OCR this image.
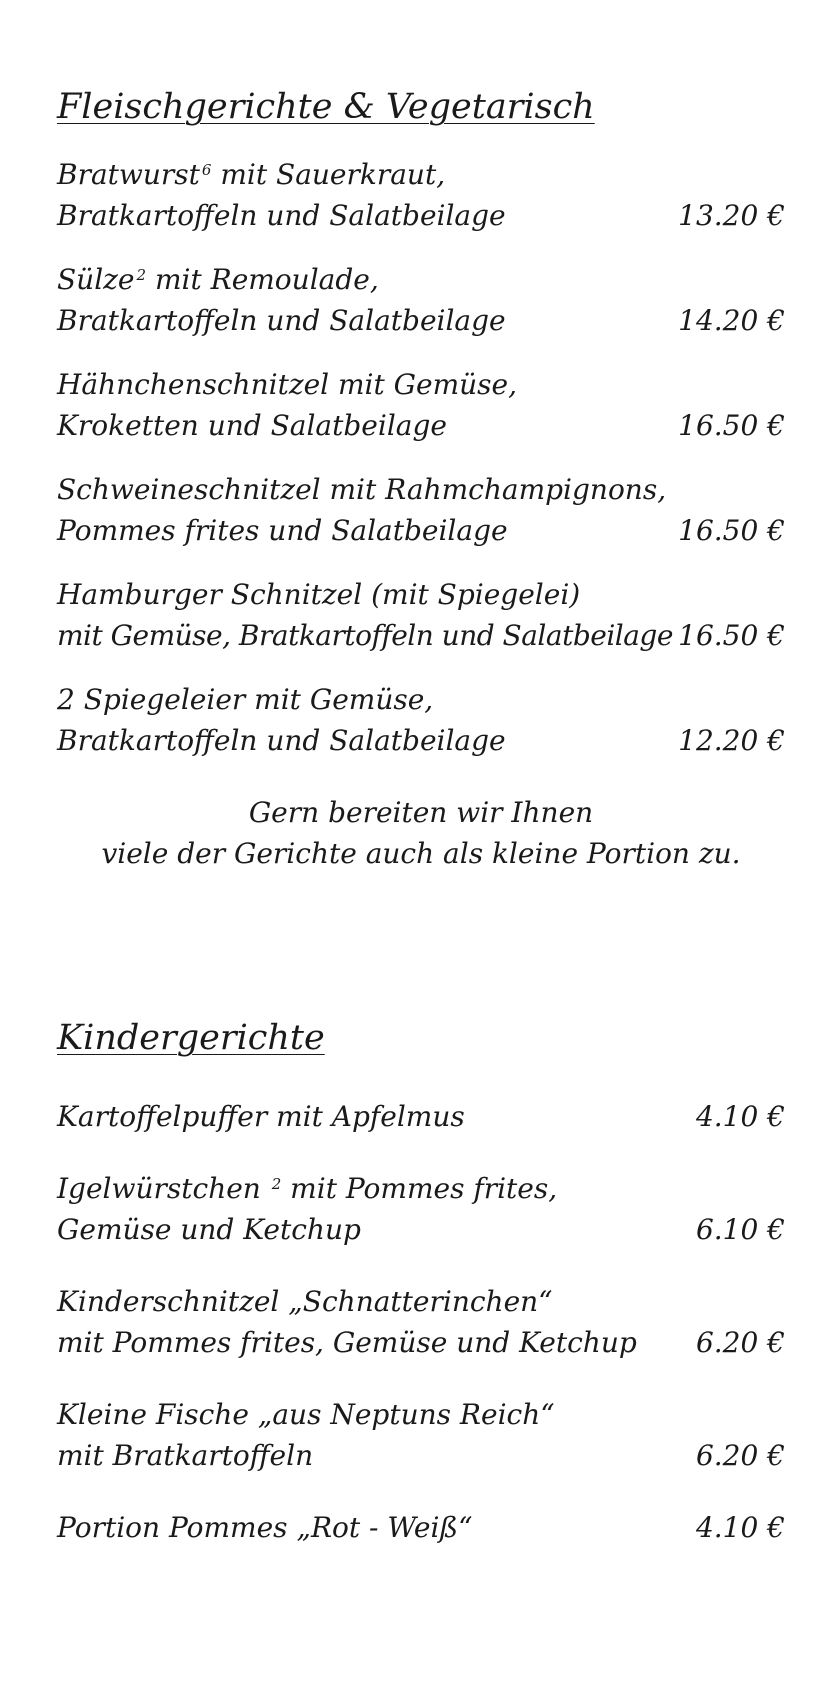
Fleischgerichte & Vegetarisch
Bratwurst $^6$ mit Sauerkraut,
Bratkartoffeln und Salatbeilage	13.20 €
Sülze $^2$ mit Remoulade,
Bratkartoffeln und Salatbeilage	14.20 €
Hähnchenschnitzel mit Gemüse,
Kroketten und Salatbeilage	16.50 €
Schweineschnitzel mit Rahmchampignons,
Pommes frites und Salatbeilage	16.50 €
Hamburger Schnitzel (mit Spiegelei)
mit Gemüse, Bratkartoffeln und Salatbeilage 16.50 €
2 Spiegeleier mit Gemüse,
Bratkartoffeln und Salatbeilage	12.20 €
Gern bereiten wir Ihnen
viele der Gerichte auch als kleine Portion zu.
Kindergerichte
Kartoffelpuffer mit Apfelmus	4.10 €
Igelwürstchen $^2$ mit Pommes frites,
Gemüse und Ketchup	6.10 €
Kinderschnitzel „Schnatterinchen“
mit Pommes frites, Gemüse und Ketchup	6.20 €
Kleine Fische „aus Neptuns Reich“
mit Bratkartoffeln	6.20 €
Portion Pommes „Rot - Weiß“	4.10 €
